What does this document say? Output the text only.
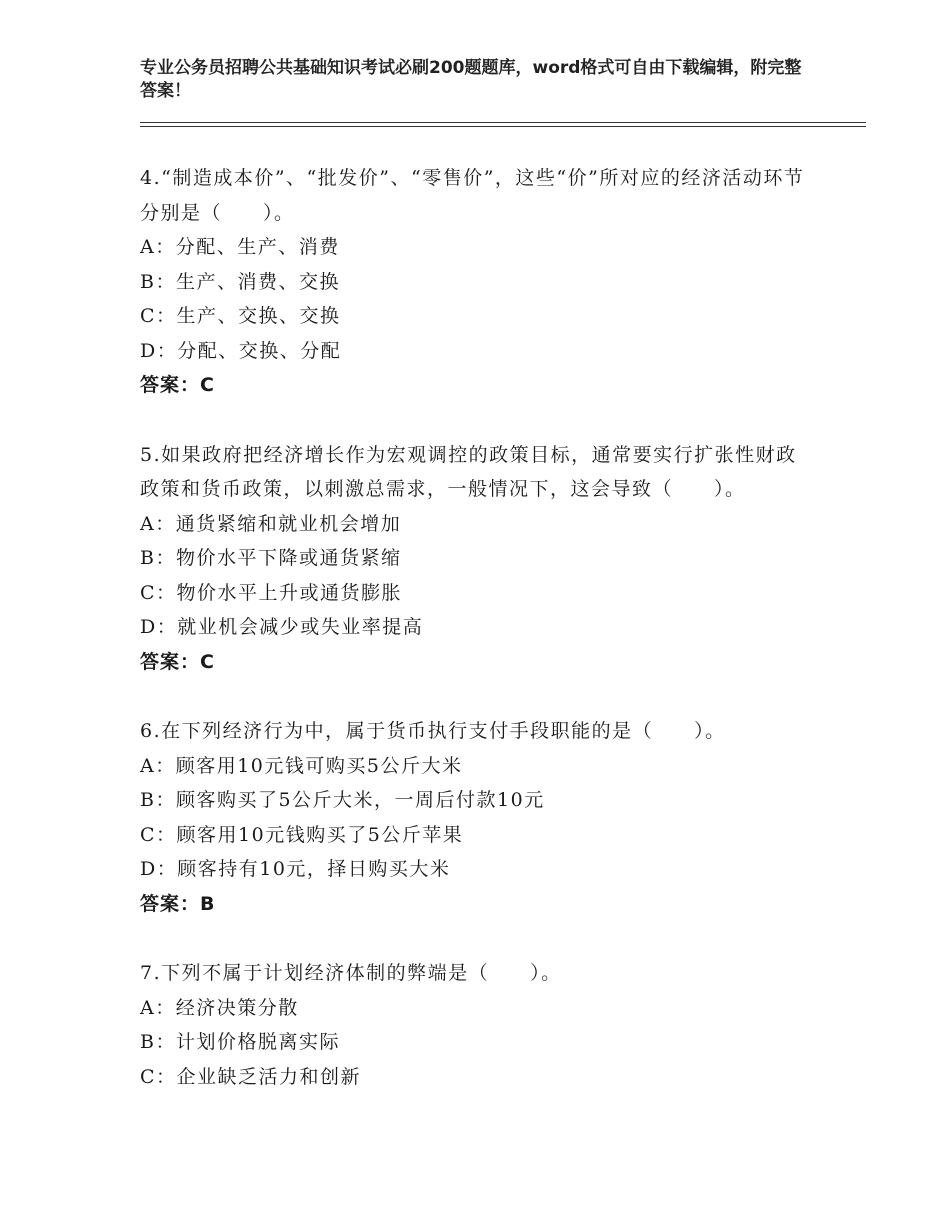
专业公务员招聘公共基础知识考试必刷200题题库，word格式可自由下载编辑，附完整答案！
4.“制造成本价”、“批发价”、“零售价”，这些“价”所对应的经济活动环节分别是（　　）。
A：分配、生产、消费
B：生产、消费、交换
C：生产、交换、交换
D：分配、交换、分配
答案：C
5.如果政府把经济增长作为宏观调控的政策目标，通常要实行扩张性财政政策和货币政策，以刺激总需求，一般情况下，这会导致（　　）。
A：通货紧缩和就业机会增加
B：物价水平下降或通货紧缩
C：物价水平上升或通货膨胀
D：就业机会减少或失业率提高
答案：C
6.在下列经济行为中，属于货币执行支付手段职能的是（　　）。
A：顾客用10元钱可购买5公斤大米
B：顾客购买了5公斤大米，一周后付款10元
C：顾客用10元钱购买了5公斤苹果
D：顾客持有10元，择日购买大米
答案：B
7.下列不属于计划经济体制的弊端是（　　）。
A：经济决策分散
B：计划价格脱离实际
C：企业缺乏活力和创新
